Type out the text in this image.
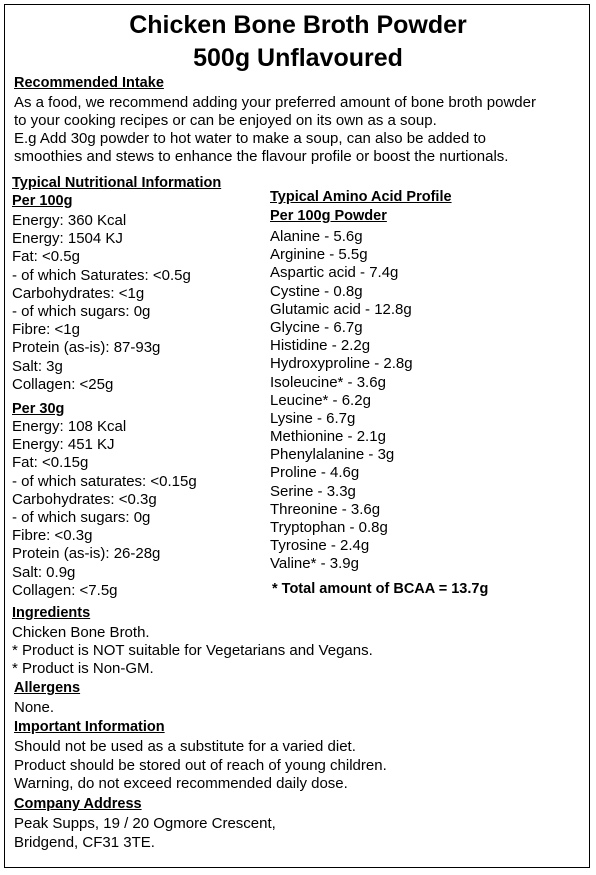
Chicken Bone Broth Powder
500g Unflavoured
Recommended Intake
As a food, we recommend adding your preferred amount of bone broth powder
to your cooking recipes or can be enjoyed on its own as a soup.
E.g Add 30g powder to hot water to make a soup, can also be added to
smoothies and stews to enhance the flavour profile or boost the nurtionals.
Typical Nutritional Information
Per 100g
Energy: 360 Kcal
Energy: 1504 KJ
Fat: <0.5g
- of which Saturates: <0.5g
Carbohydrates: <1g
- of which sugars: 0g
Fibre: <1g
Protein (as-is): 87-93g
Salt: 3g
Collagen: <25g
Per 30g
Energy: 108 Kcal
Energy: 451 KJ
Fat: <0.15g
- of which saturates: <0.15g
Carbohydrates: <0.3g
- of which sugars: 0g
Fibre: <0.3g
Protein (as-is): 26-28g
Salt: 0.9g
Collagen: <7.5g
Typical Amino Acid Profile
Per 100g Powder
Alanine - 5.6g
Arginine - 5.5g
Aspartic acid - 7.4g
Cystine - 0.8g
Glutamic acid - 12.8g
Glycine - 6.7g
Histidine - 2.2g
Hydroxyproline - 2.8g
Isoleucine* - 3.6g
Leucine* - 6.2g
Lysine - 6.7g
Methionine - 2.1g
Phenylalanine - 3g
Proline - 4.6g
Serine - 3.3g
Threonine - 3.6g
Tryptophan - 0.8g
Tyrosine - 2.4g
Valine* - 3.9g
* Total amount of BCAA = 13.7g
Ingredients
Chicken Bone Broth.
* Product is NOT suitable for Vegetarians and Vegans.
* Product is Non-GM.
Allergens
None.
Important Information
Should not be used as a substitute for a varied diet.
Product should be stored out of reach of young children.
Warning, do not exceed recommended daily dose.
Company Address
Peak Supps, 19 / 20 Ogmore Crescent,
Bridgend, CF31 3TE.
